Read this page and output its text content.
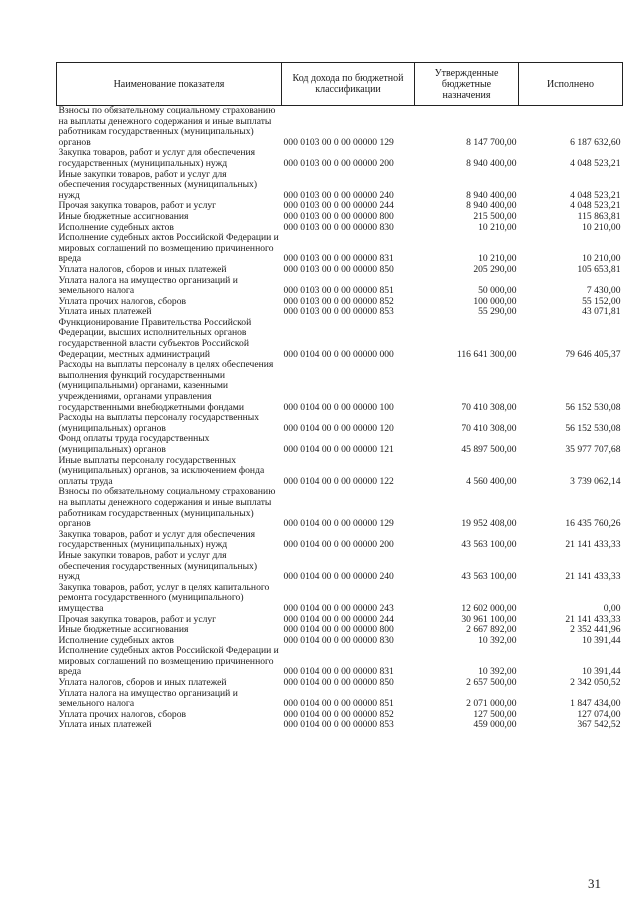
Наименование показателя	Код дохода по бюджетной классификации	Утвержденные бюджетные назначения	Исполнено
Взносы по обязательному социальному страхованию на выплаты денежного содержания и иные выплаты работникам государственных (муниципальных) органов	000 0103 00 0 00 00000 129	8 147 700,00	6 187 632,60
Закупка товаров, работ и услуг для обеспечения государственных (муниципальных) нужд	000 0103 00 0 00 00000 200	8 940 400,00	4 048 523,21
Иные закупки товаров, работ и услуг для обеспечения государственных (муниципальных) нужд	000 0103 00 0 00 00000 240	8 940 400,00	4 048 523,21
Прочая закупка товаров, работ и услуг	000 0103 00 0 00 00000 244	8 940 400,00	4 048 523,21
Иные бюджетные ассигнования	000 0103 00 0 00 00000 800	215 500,00	115 863,81
Исполнение судебных актов	000 0103 00 0 00 00000 830	10 210,00	10 210,00
Исполнение судебных актов Российской Федерации и мировых соглашений по возмещению причиненного вреда	000 0103 00 0 00 00000 831	10 210,00	10 210,00
Уплата налогов, сборов и иных платежей	000 0103 00 0 00 00000 850	205 290,00	105 653,81
Уплата налога на имущество организаций и земельного налога	000 0103 00 0 00 00000 851	50 000,00	7 430,00
Уплата прочих налогов, сборов	000 0103 00 0 00 00000 852	100 000,00	55 152,00
Уплата иных платежей	000 0103 00 0 00 00000 853	55 290,00	43 071,81
Функционирование Правительства Российской Федерации, высших исполнительных органов государственной власти субъектов Российской Федерации, местных администраций	000 0104 00 0 00 00000 000	116 641 300,00	79 646 405,37
Расходы на выплаты персоналу в целях обеспечения выполнения функций государственными (муниципальными) органами, казенными учреждениями, органами управления государственными внебюджетными фондами	000 0104 00 0 00 00000 100	70 410 308,00	56 152 530,08
Расходы на выплаты персоналу государственных (муниципальных) органов	000 0104 00 0 00 00000 120	70 410 308,00	56 152 530,08
Фонд оплаты труда государственных (муниципальных) органов	000 0104 00 0 00 00000 121	45 897 500,00	35 977 707,68
Иные выплаты персоналу государственных (муниципальных) органов, за исключением фонда оплаты труда	000 0104 00 0 00 00000 122	4 560 400,00	3 739 062,14
Взносы по обязательному социальному страхованию на выплаты денежного содержания и иные выплаты работникам государственных (муниципальных) органов	000 0104 00 0 00 00000 129	19 952 408,00	16 435 760,26
Закупка товаров, работ и услуг для обеспечения государственных (муниципальных) нужд	000 0104 00 0 00 00000 200	43 563 100,00	21 141 433,33
Иные закупки товаров, работ и услуг для обеспечения государственных (муниципальных) нужд	000 0104 00 0 00 00000 240	43 563 100,00	21 141 433,33
Закупка товаров, работ, услуг в целях капитального ремонта государственного (муниципального) имущества	000 0104 00 0 00 00000 243	12 602 000,00	0,00
Прочая закупка товаров, работ и услуг	000 0104 00 0 00 00000 244	30 961 100,00	21 141 433,33
Иные бюджетные ассигнования	000 0104 00 0 00 00000 800	2 667 892,00	2 352 441,96
Исполнение судебных актов	000 0104 00 0 00 00000 830	10 392,00	10 391,44
Исполнение судебных актов Российской Федерации и мировых соглашений по возмещению причиненного вреда	000 0104 00 0 00 00000 831	10 392,00	10 391,44
Уплата налогов, сборов и иных платежей	000 0104 00 0 00 00000 850	2 657 500,00	2 342 050,52
Уплата налога на имущество организаций и земельного налога	000 0104 00 0 00 00000 851	2 071 000,00	1 847 434,00
Уплата прочих налогов, сборов	000 0104 00 0 00 00000 852	127 500,00	127 074,00
Уплата иных платежей	000 0104 00 0 00 00000 853	459 000,00	367 542,52
31
